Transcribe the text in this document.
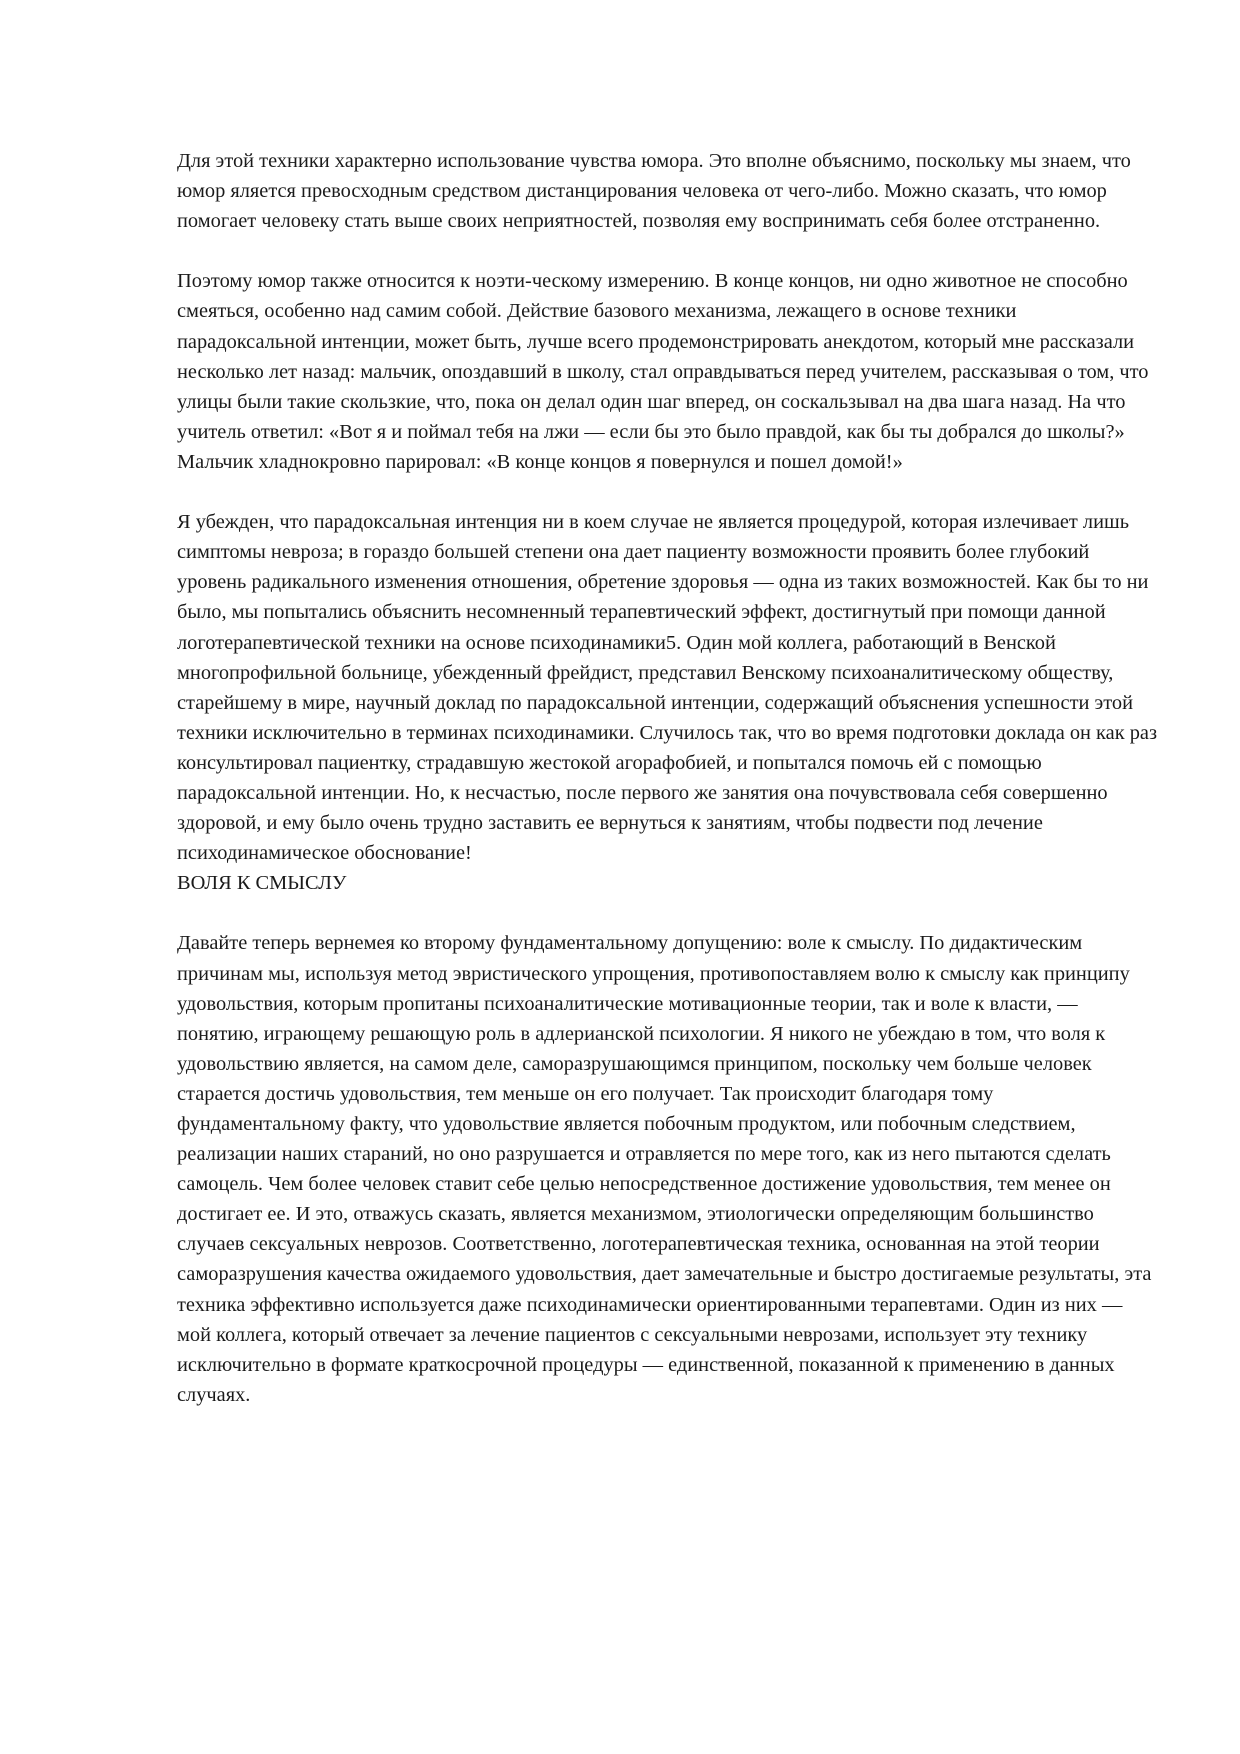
Для этой техники характерно использование чувства юмора. Это вполне объяснимо, поскольку мы знаем, что юмор яляется превосходным средством дистанцирования человека от чего-либо. Можно сказать, что юмор помогает человеку стать выше своих неприятностей, позволяя ему воспринимать себя более отстраненно.

Поэтому юмор также относится к ноэти-ческому измерению. В конце концов, ни одно животное не способно смеяться, особенно над самим собой. Действие базового механизма, лежащего в основе техники парадоксальной интенции, может быть, лучше всего продемонстрировать анекдотом, который мне рассказали несколько лет назад: мальчик, опоздавший в школу, стал оправдываться перед учителем, рассказывая о том, что улицы были такие скользкие, что, пока он делал один шаг вперед, он соскальзывал на два шага назад. На что учитель ответил: «Вот я и поймал тебя на лжи — если бы это было правдой, как бы ты добрался до школы?» Мальчик хладнокровно парировал: «В конце концов я повернулся и пошел домой!»

Я убежден, что парадоксальная интенция ни в коем случае не является процедурой, которая излечивает лишь симптомы невроза; в гораздо большей степени она дает пациенту возможности проявить более глубокий уровень радикального изменения отношения, обретение здоровья — одна из таких возможностей. Как бы то ни было, мы попытались объяснить несомненный терапевтический эффект, достигнутый при помощи данной логотерапевтической техники на основе психодинамики5. Один мой коллега, работающий в Венской многопрофильной больнице, убежденный фрейдист, представил Венскому психоаналитическому обществу, старейшему в мире, научный доклад по парадоксальной интенции, содержащий объяснения успешности этой техники исключительно в терминах психодинамики. Случилось так, что во время подготовки доклада он как раз консультировал пациентку, страдавшую жестокой агорафобией, и попытался помочь ей с помощью парадоксальной интенции. Но, к несчастью, после первого же занятия она почувствовала себя совершенно здоровой, и ему было очень трудно заставить ее вернуться к занятиям, чтобы подвести под лечение психодинамическое обоснование!

ВОЛЯ К СМЫСЛУ

Давайте теперь вернемея ко второму фундаментальному допущению: воле к смыслу. По дидактическим причинам мы, используя метод эвристического упрощения, противопоставляем волю к смыслу как принципу удовольствия, которым пропитаны психоаналитические мотивационные теории, так и воле к власти, — понятию, играющему решающую роль в адлерианской психологии. Я никого не убеждаю в том, что воля к удовольствию является, на самом деле, саморазрушающимся принципом, поскольку чем больше человек старается достичь удовольствия, тем меньше он его получает. Так происходит благодаря тому фундаментальному факту, что удовольствие является побочным продуктом, или побочным следствием, реализации наших стараний, но оно разрушается и отравляется по мере того, как из него пытаются сделать самоцель. Чем более человек ставит себе целью непосредственное достижение удовольствия, тем менее он достигает ее. И это, отважусь сказать, является механизмом, этиологически определяющим большинство случаев сексуальных неврозов. Соответственно, логотерапевтическая техника, основанная на этой теории саморазрушения качества ожидаемого удовольствия, дает замечательные и быстро достигаемые результаты, эта техника эффективно используется даже психодинамически ориентированными терапевтами. Один из них — мой коллега, который отвечает за лечение пациентов с сексуальными неврозами, использует эту технику исключительно в формате краткосрочной процедуры — единственной, показанной к применению в данных случаях.
